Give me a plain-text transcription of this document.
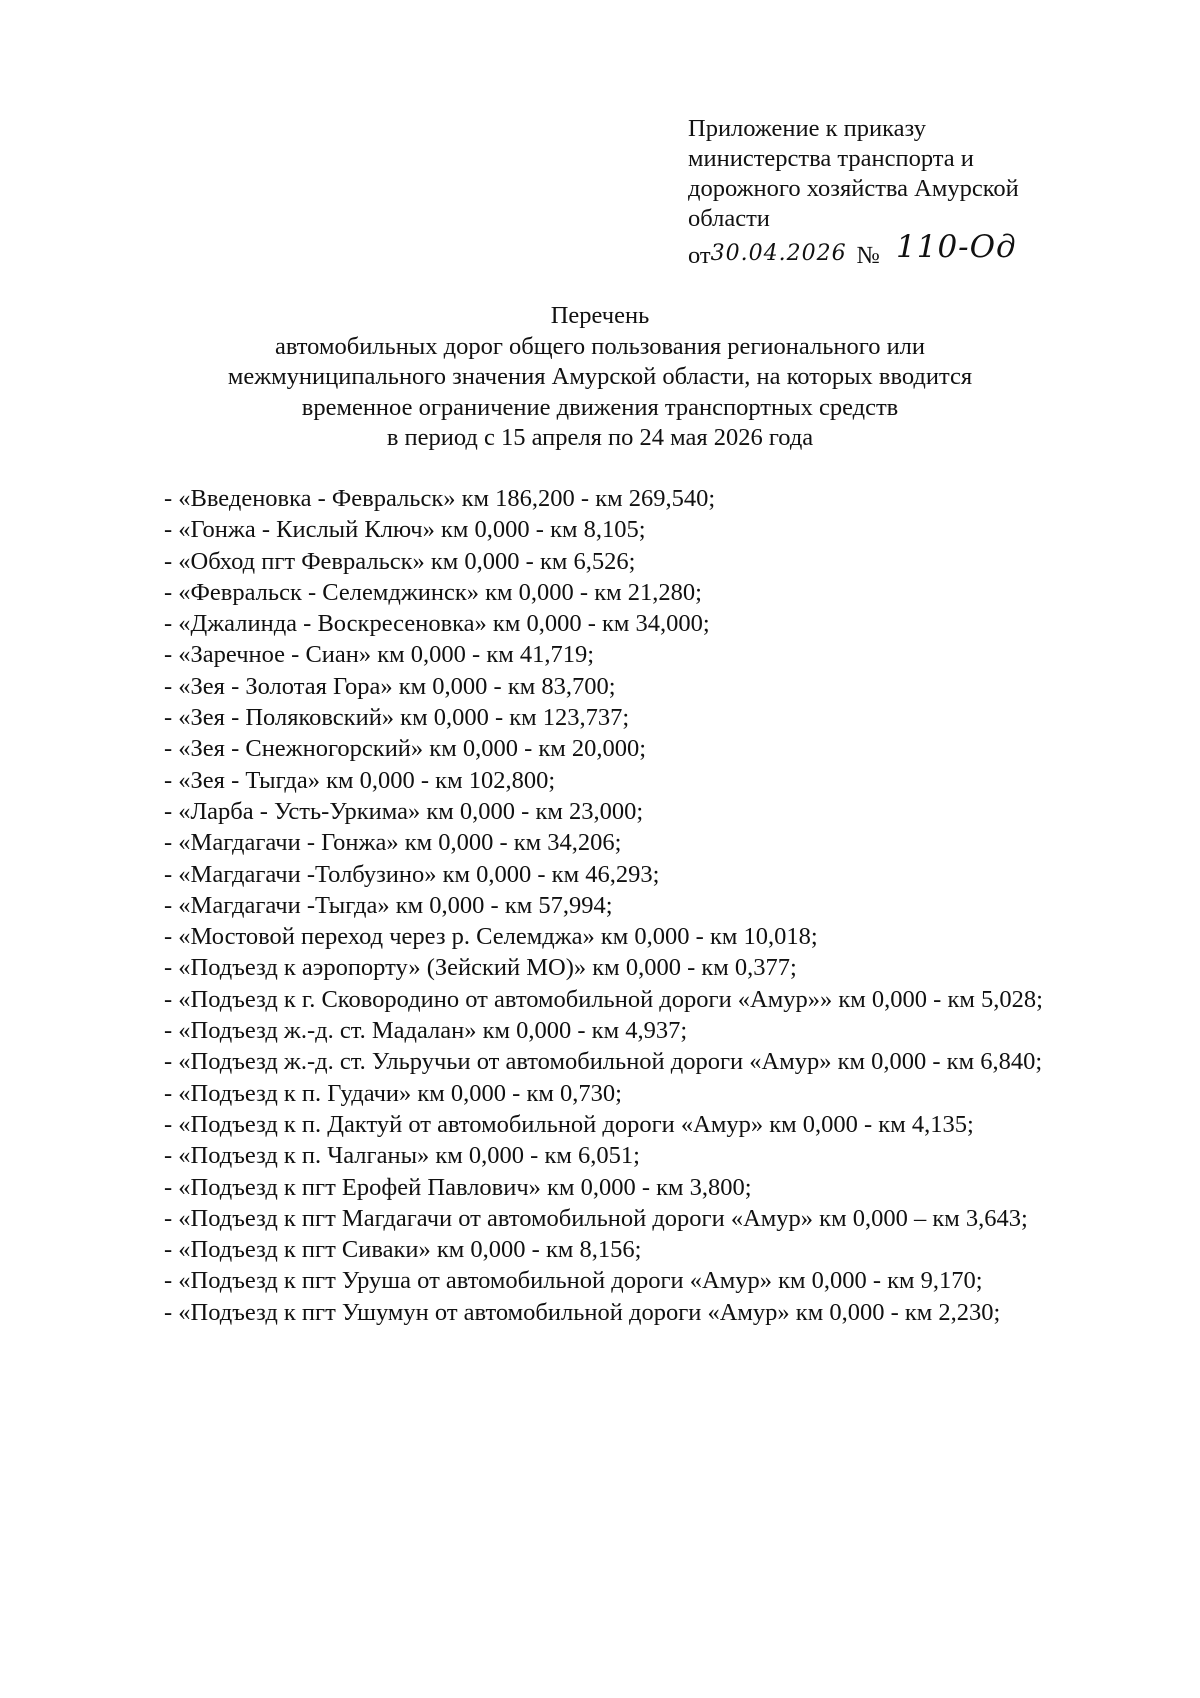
Приложение к приказу
министерства транспорта и
дорожного хозяйства Амурской
области
от30.04.2026 № 110-Од
Перечень
автомобильных дорог общего пользования регионального или
межмуниципального значения Амурской области, на которых вводится
временное ограничение движения транспортных средств
в период с 15 апреля по 24 мая 2026 года
- «Введеновка - Февральск» км 186,200 - км 269,540;
- «Гонжа - Кислый Ключ» км 0,000 - км 8,105;
- «Обход пгт Февральск» км 0,000 - км 6,526;
- «Февральск - Селемджинск» км 0,000 - км 21,280;
- «Джалинда - Воскресеновка» км 0,000 - км 34,000;
- «Заречное - Сиан» км 0,000 - км 41,719;
- «Зея - Золотая Гора» км 0,000 - км 83,700;
- «Зея - Поляковский» км 0,000 - км 123,737;
- «Зея - Снежногорский» км 0,000 - км 20,000;
- «Зея - Тыгда» км 0,000 - км 102,800;
- «Ларба - Усть-Уркима» км 0,000 - км 23,000;
- «Магдагачи - Гонжа» км 0,000 - км 34,206;
- «Магдагачи -Толбузино» км 0,000 - км 46,293;
- «Магдагачи -Тыгда» км 0,000 - км 57,994;
- «Мостовой переход через р. Селемджа» км 0,000 - км 10,018;
- «Подъезд к аэропорту» (Зейский МО)» км 0,000 - км 0,377;
- «Подъезд к г. Сковородино от автомобильной дороги «Амур»» км 0,000 - км 5,028;
- «Подъезд ж.-д. ст. Мадалан» км 0,000 - км 4,937;
- «Подъезд ж.-д. ст. Ульручьи от автомобильной дороги «Амур» км 0,000 - км 6,840;
- «Подъезд к п. Гудачи» км 0,000 - км 0,730;
- «Подъезд к п. Дактуй от автомобильной дороги «Амур» км 0,000 - км 4,135;
- «Подъезд к п. Чалганы» км 0,000 - км 6,051;
- «Подъезд к пгт Ерофей Павлович» км 0,000 - км 3,800;
- «Подъезд к пгт Магдагачи от автомобильной дороги «Амур» км 0,000 – км 3,643;
- «Подъезд к пгт Сиваки» км 0,000 - км 8,156;
- «Подъезд к пгт Уруша от автомобильной дороги «Амур» км 0,000 - км 9,170;
- «Подъезд к пгт Ушумун от автомобильной дороги «Амур» км 0,000 - км 2,230;
